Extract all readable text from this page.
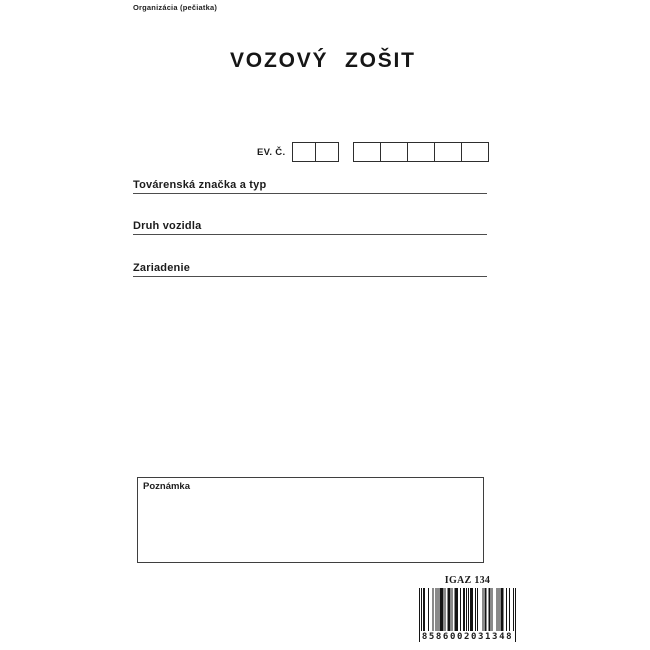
Organizácia (pečiatka)
VOZOVÝ ZOŠIT
EV. Č.
Továrenská značka a typ
Druh vozidla
Zariadenie
Poznámka
IGAZ 134
8586002031348
